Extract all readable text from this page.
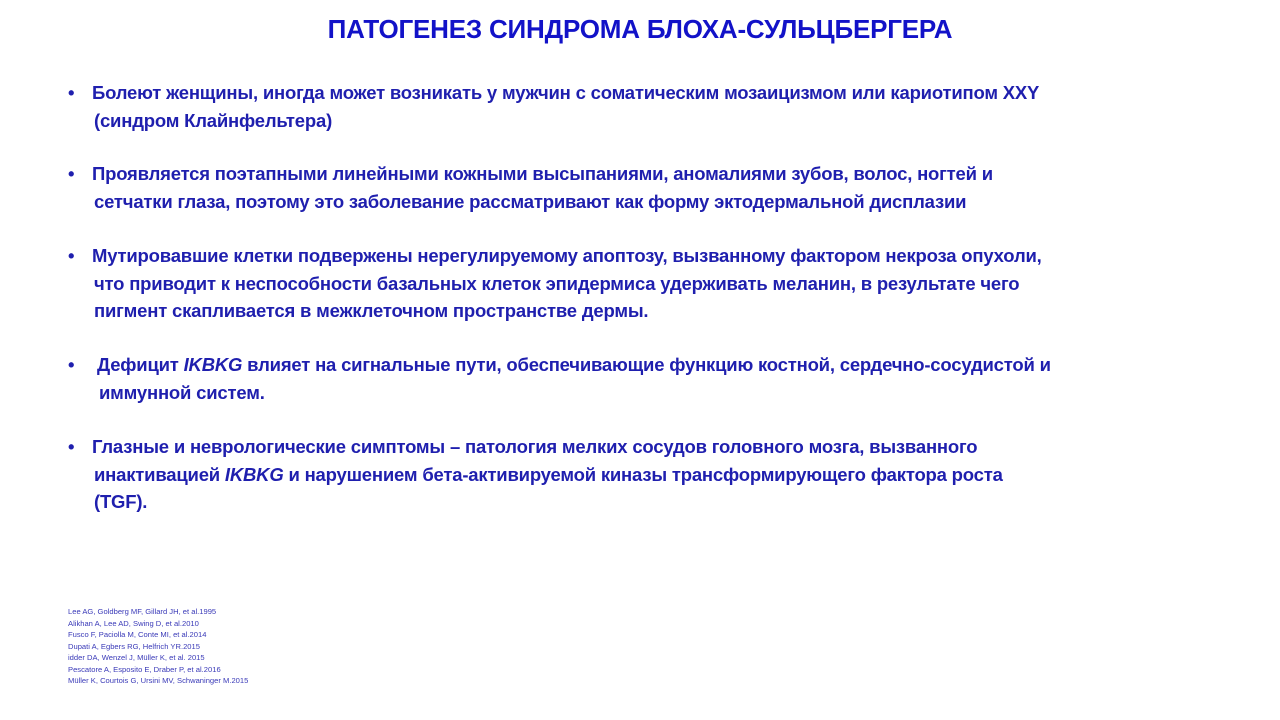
ПАТОГЕНЕЗ СИНДРОМА БЛОХА-СУЛЬЦБЕРГЕРА
• Болеют женщины, иногда может возникать у мужчин с соматическим мозаицизмом или кариотипом XXY
(синдром Клайнфельтера)
• Проявляется поэтапными линейными кожными высыпаниями, аномалиями зубов, волос, ногтей и
сетчатки глаза, поэтому это заболевание рассматривают как форму эктодермальной дисплазии
• Мутировавшие клетки подвержены нерегулируемому апоптозу, вызванному фактором некроза опухоли,
что приводит к неспособности базальных клеток эпидермиса удерживать меланин, в результате чего
пигмент скапливается в межклеточном пространстве дермы.
•	Дефицит IKBKG влияет на сигнальные пути, обеспечивающие функцию костной, сердечно-сосудистой и
иммунной систем.
• Глазные и неврологические симптомы – патология мелких сосудов головного мозга, вызванного
инактивацией IKBKG и нарушением бета-активируемой киназы трансформирующего фактора роста
(TGF).
Lee AG, Goldberg MF, Gillard JH, et al.1995
Alikhan A, Lee AD, Swing D, et al.2010
Fusco F, Paciolla M, Conte MI, et al.2014
Dupati A, Egbers RG, Helfrich YR.2015
idder DA, Wenzel J, Müller K, et al. 2015
Pescatore A, Esposito E, Draber P, et al.2016
Müller K, Courtois G, Ursini MV, Schwaninger M.2015
